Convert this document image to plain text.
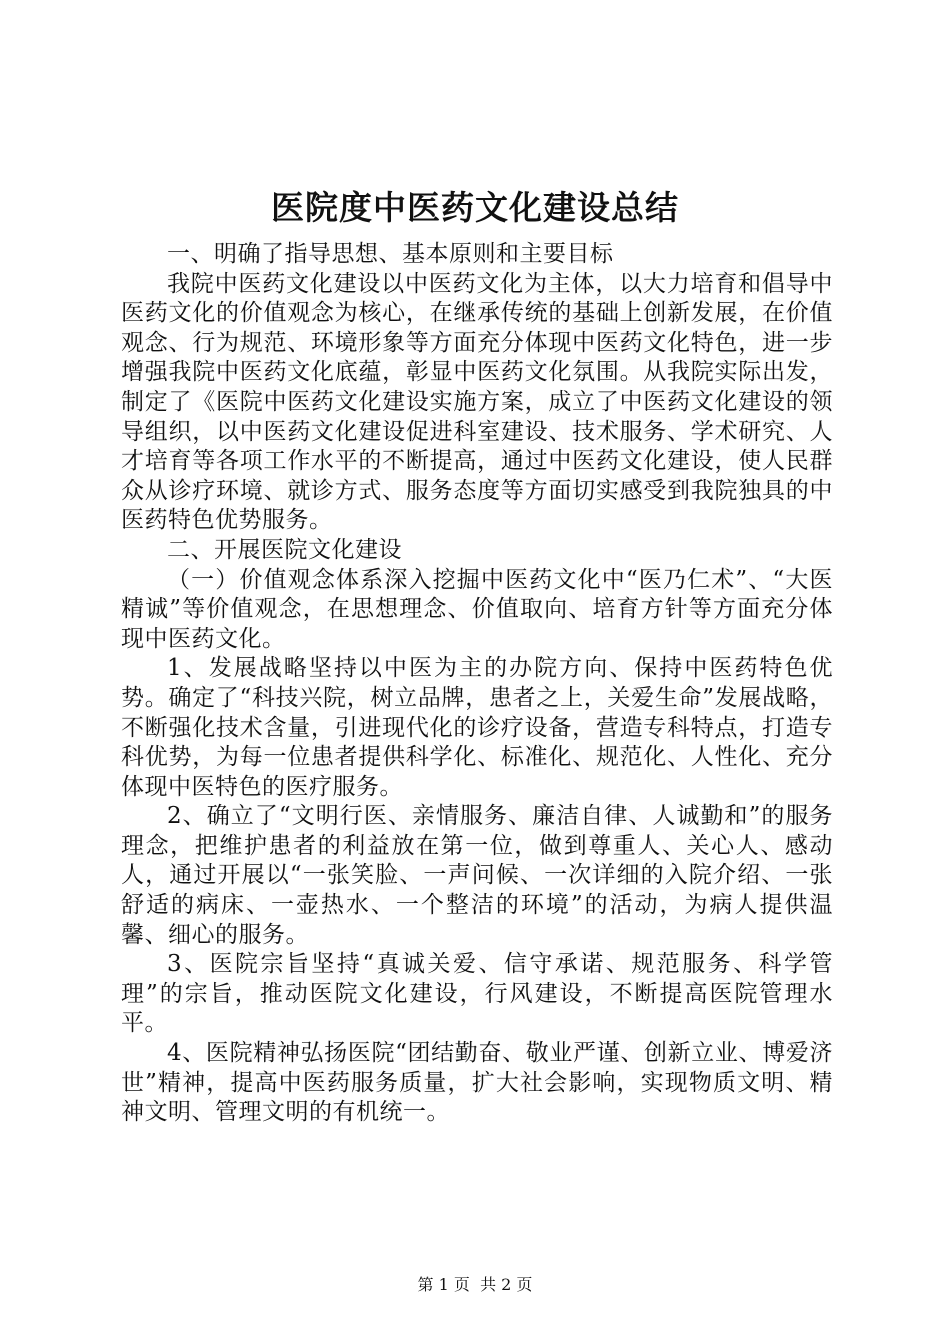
医院度中医药文化建设总结

一、明确了指导思想、基本原则和主要目标

我院中医药文化建设以中医药文化为主体，以大力培育和倡导中医药文化的价值观念为核心，在继承传统的基础上创新发展，在价值观念、行为规范、环境形象等方面充分体现中医药文化特色，进一步增强我院中医药文化底蕴，彰显中医药文化氛围。从我院实际出发，制定了《医院中医药文化建设实施方案，成立了中医药文化建设的领导组织，以中医药文化建设促进科室建设、技术服务、学术研究、人才培育等各项工作水平的不断提高，通过中医药文化建设，使人民群众从诊疗环境、就诊方式、服务态度等方面切实感受到我院独具的中医药特色优势服务。

二、开展医院文化建设

（一）价值观念体系深入挖掘中医药文化中“医乃仁术”、“大医精诚”等价值观念，在思想理念、价值取向、培育方针等方面充分体现中医药文化。

1、发展战略坚持以中医为主的办院方向、保持中医药特色优势。确定了“科技兴院，树立品牌，患者之上，关爱生命”发展战略，不断强化技术含量，引进现代化的诊疗设备，营造专科特点，打造专科优势，为每一位患者提供科学化、标准化、规范化、人性化、充分体现中医特色的医疗服务。

2、确立了“文明行医、亲情服务、廉洁自律、人诚勤和”的服务理念，把维护患者的利益放在第一位，做到尊重人、关心人、感动人，通过开展以“一张笑脸、一声问候、一次详细的入院介绍、一张舒适的病床、一壶热水、一个整洁的环境”的活动，为病人提供温馨、细心的服务。

3、医院宗旨坚持“真诚关爱、信守承诺、规范服务、科学管理”的宗旨，推动医院文化建设，行风建设，不断提高医院管理水平。

4、医院精神弘扬医院“团结勤奋、敬业严谨、创新立业、博爱济世”精神，提高中医药服务质量，扩大社会影响，实现物质文明、精神文明、管理文明的有机统一。

第 1 页  共 2 页
